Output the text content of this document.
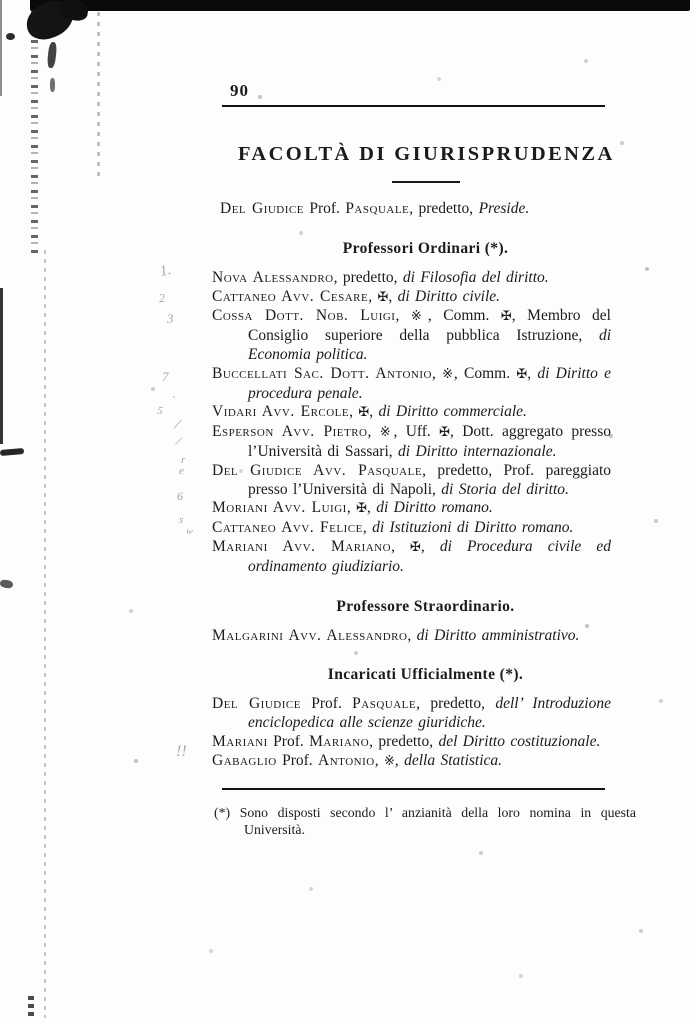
90
FACOLTÀ DI GIURISPRUDENZA

Del Giudice Prof. Pasquale, predetto, Preside.

Professori Ordinari (*).

Nova Alessandro, predetto, di Filosofia del diritto.

Cattaneo Avv. Cesare, ✠, di Diritto civile.

Cossa Dott. Nob. Luigi, ※, Comm. ✠, Membro del Consiglio superiore della pubblica Istruzione, di Economia politica.

Buccellati Sac. Dott. Antonio, ※, Comm. ✠, di Diritto e procedura penale.

Vidari Avv. Ercole, ✠, di Diritto commerciale.

Esperson Avv. Pietro, ※, Uff. ✠, Dott. aggregato presso l’Università di Sassari, di Diritto internazionale.

Del Giudice Avv. Pasquale, predetto, Prof. pareggiato presso l’Università di Napoli, di Storia del diritto.

Moriani Avv. Luigi, ✠, di Diritto romano.

Cattaneo Avv. Felice, di Istituzioni di Diritto romano.

Mariani Avv. Mariano, ✠, di Procedura civile ed ordinamento giudiziario.

Professore Straordinario.

Malgarini Avv. Alessandro, di Diritto amministrativo.

Incaricati Ufficialmente (*).

Del Giudice Prof. Pasquale, predetto, dell’ Introduzione enciclopedica alle scienze giuridiche.

Mariani Prof. Mariano, predetto, del Diritto costituzionale.

Gabaglio Prof. Antonio, ※, della Statistica.

(*) Sono disposti secondo l’ anzianità della loro nomina in questa Università.

1.
2
3
7
·
5
/
/
r
e
6
s
w
!!
